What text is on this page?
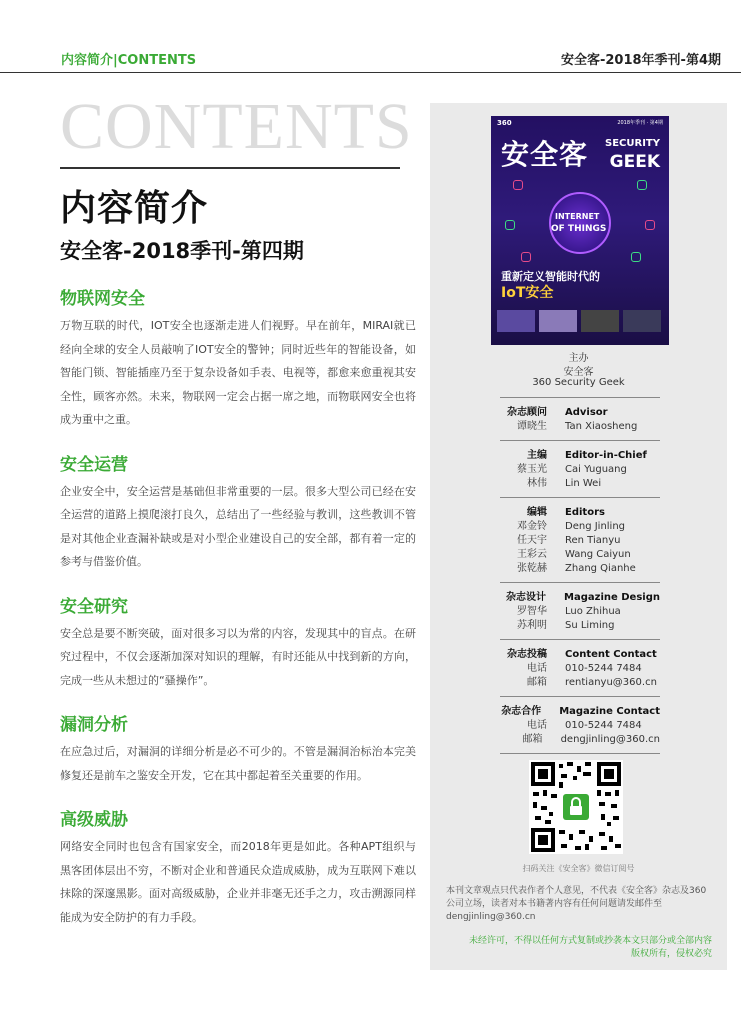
内容简介|CONTENTS	安全客-2018年季刊-第4期
CONTENTS
内容简介
安全客-2018季刊-第四期
物联网安全

万物互联的时代，IOT安全也逐渐走进人们视野。早在前年，MIRAI就已经向全球的安全人员敲响了IOT安全的警钟；同时近些年的智能设备，如智能门锁、智能插座乃至于复杂设备如手表、电视等，都愈来愈重视其安全性，顾客亦然。未来，物联网一定会占据一席之地，而物联网安全也将成为重中之重。

安全运营

企业安全中，安全运营是基础但非常重要的一层。很多大型公司已经在安全运营的道路上摸爬滚打良久，总结出了一些经验与教训，这些教训不管是对其他企业查漏补缺或是对小型企业建设自己的安全部，都有着一定的参考与借鉴价值。

安全研究

安全总是要不断突破，面对很多习以为常的内容，发现其中的盲点。在研究过程中，不仅会逐渐加深对知识的理解，有时还能从中找到新的方向，完成一些从未想过的“骚操作”。

漏洞分析

在应急过后，对漏洞的详细分析是必不可少的。不管是漏洞治标治本完美修复还是前车之鉴安全开发，它在其中都起着至关重要的作用。

高级威胁

网络安全同时也包含有国家安全，而2018年更是如此。各种APT组织与黑客团体层出不穷，不断对企业和普通民众造成威胁，成为互联网下难以抹除的深邃黑影。面对高级威胁，企业并非毫无还手之力，攻击溯源同样能成为安全防护的有力手段。

360	2018年季刊 · 第4期
安全客 SECURITY
GEEK
INTERNET
OF THINGS
重新定义智能时代的
IoT安全
主办
安全客
360 Security Geek
杂志顾问	Advisor
谭晓生	Tan Xiaosheng
主编	Editor-in-Chief
蔡玉光	Cai Yuguang
林伟	Lin Wei
编辑	Editors
邓金铃	Deng Jinling
任天宇	Ren Tianyu
王彩云	Wang Caiyun
张乾赫	Zhang Qianhe
杂志设计	Magazine Design
罗智华	Luo Zhihua
苏利明	Su Liming
杂志投稿	Content Contact
电话	010-5244 7484
邮箱	rentianyu@360.cn
杂志合作	Magazine Contact
电话	010-5244 7484
邮箱	dengjinling@360.cn
扫码关注《安全客》微信订阅号
本刊文章观点只代表作者个人意见，不代表《安全客》杂志及360公司立场，读者对本书籍著内容有任何问题请发邮件至dengjinling@360.cn
未经许可，不得以任何方式复制或抄袭本文只部分或全部内容
版权所有，侵权必究
